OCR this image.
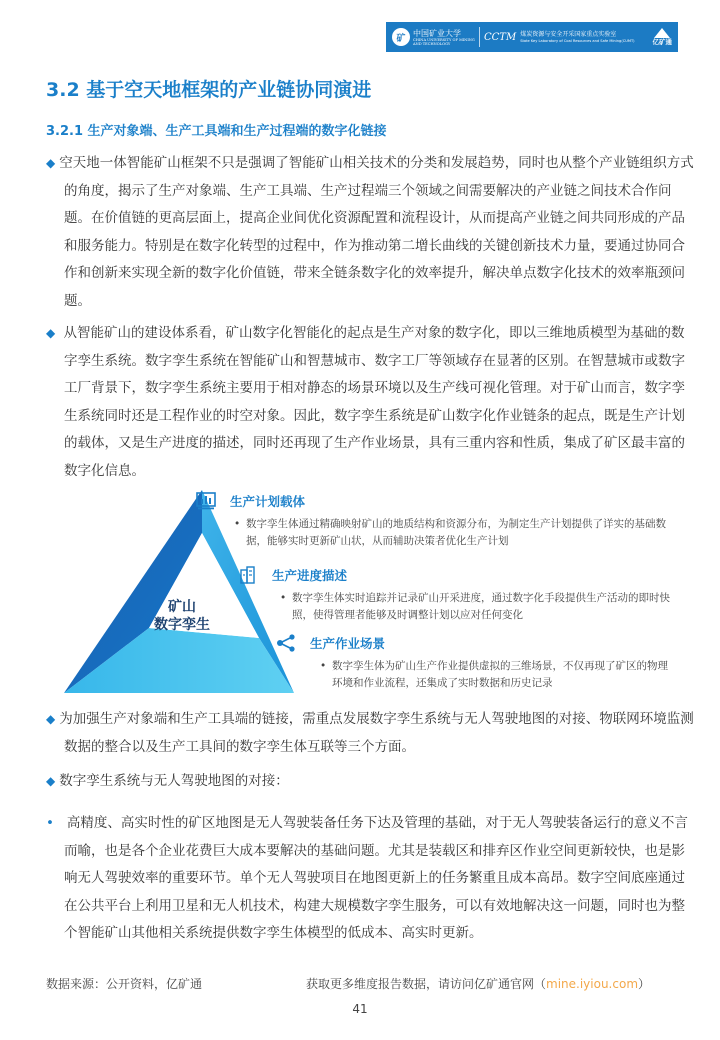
矿
中国矿业大学
CHINA UNIVERSITY OF MINING AND TECHNOLOGY
CCTM 煤炭资源与安全开采国家重点实验室
State Key Laboratory of Coal Resources and Safe Mining(CUMT)	亿矿通
3.2 基于空天地框架的产业链协同演进
3.2.1 生产对象端、生产工具端和生产过程端的数字化链接
◆ 空天地一体智能矿山框架不只是强调了智能矿山相关技术的分类和发展趋势，同时也从整个产业链组织方式的角度，揭示了生产对象端、生产工具端、生产过程端三个领域之间需要解决的产业链之间技术合作问题。在价值链的更高层面上，提高企业间优化资源配置和流程设计，从而提高产业链之间共同形成的产品和服务能力。特别是在数字化转型的过程中，作为推动第二增长曲线的关键创新技术力量，要通过协同合作和创新来实现全新的数字化价值链，带来全链条数字化的效率提升，解决单点数字化技术的效率瓶颈问题。
◆ 从智能矿山的建设体系看，矿山数字化智能化的起点是生产对象的数字化，即以三维地质模型为基础的数字孪生系统。数字孪生系统在智能矿山和智慧城市、数字工厂等领域存在显著的区别。在智慧城市或数字工厂背景下，数字孪生系统主要用于相对静态的场景环境以及生产线可视化管理。对于矿山而言，数字孪生系统同时还是工程作业的时空对象。因此，数字孪生系统是矿山数字化作业链条的起点，既是生产计划的载体，又是生产进度的描述，同时还再现了生产作业场景，具有三重内容和性质，集成了矿区最丰富的数字化信息。
矿山
数字孪生
生产计划载体
• 数字孪生体通过精确映射矿山的地质结构和资源分布，为制定生产计划提供了详实的基础数据，能够实时更新矿山状，从而辅助决策者优化生产计划
生产进度描述
• 数字孪生体实时追踪并记录矿山开采进度，通过数字化手段提供生产活动的即时快照，使得管理者能够及时调整计划以应对任何变化
生产作业场景
• 数字孪生体为矿山生产作业提供虚拟的三维场景，不仅再现了矿区的物理环境和作业流程，还集成了实时数据和历史记录
◆ 为加强生产对象端和生产工具端的链接，需重点发展数字孪生系统与无人驾驶地图的对接、物联网环境监测数据的整合以及生产工具间的数字孪生体互联等三个方面。
◆ 数字孪生系统与无人驾驶地图的对接：
• 高精度、高实时性的矿区地图是无人驾驶装备任务下达及管理的基础，对于无人驾驶装备运行的意义不言而喻，也是各个企业花费巨大成本要解决的基础问题。尤其是装载区和排弃区作业空间更新较快，也是影响无人驾驶效率的重要环节。单个无人驾驶项目在地图更新上的任务繁重且成本高昂。数字空间底座通过在公共平台上利用卫星和无人机技术，构建大规模数字孪生服务，可以有效地解决这一问题，同时也为整个智能矿山其他相关系统提供数字孪生体模型的低成本、高实时更新。
数据来源：公开资料，亿矿通	获取更多维度报告数据，请访问亿矿通官网（mine.iyiou.com）
41
